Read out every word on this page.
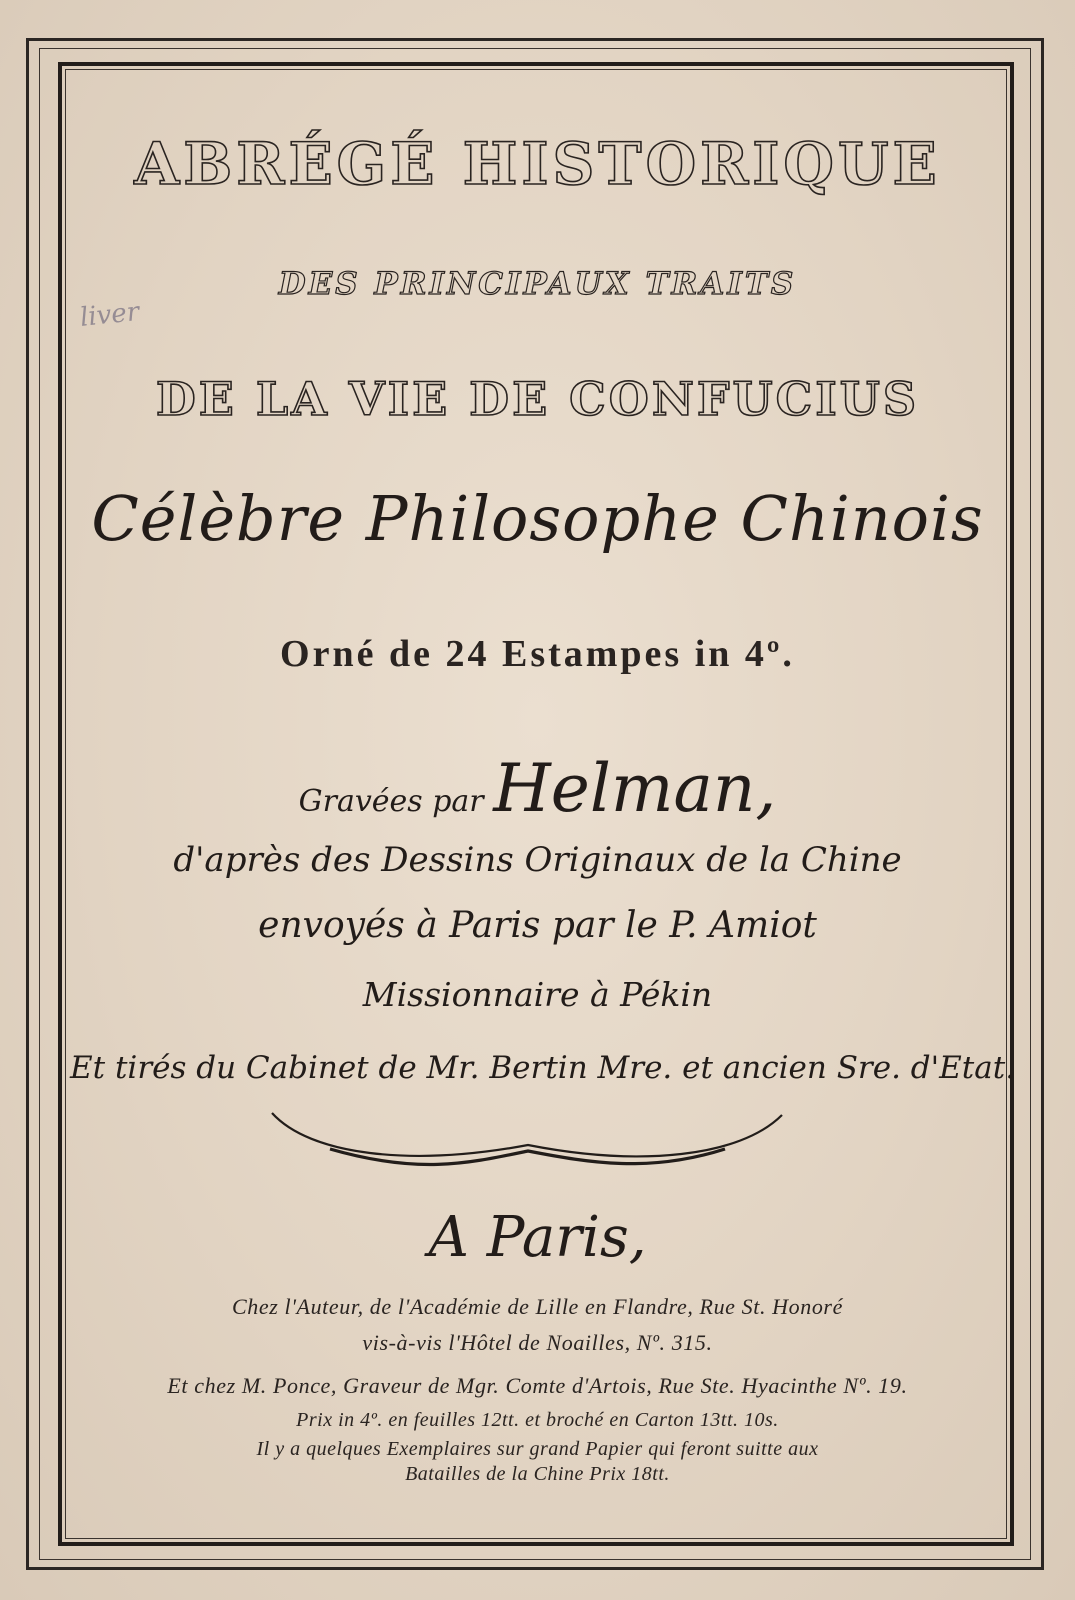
liver
ABRÉGÉ HISTORIQUE
DES PRINCIPAUX TRAITS
DE LA VIE DE CONFUCIUS
Célèbre Philosophe Chinois
Orné de 24 Estampes in 4º.
Gravées par Helman,
d'après des Dessins Originaux de la Chine
envoyés à Paris par le P. Amiot
Missionnaire à Pékin
Et tirés du Cabinet de Mr. Bertin Mre. et ancien Sre. d'Etat.
A Paris,
Chez l'Auteur, de l'Académie de Lille en Flandre, Rue St. Honoré
vis-à-vis l'Hôtel de Noailles, Nº. 315.
Et chez M. Ponce, Graveur de Mgr. Comte d'Artois, Rue Ste. Hyacinthe Nº. 19.
Prix in 4º. en feuilles 12tt. et broché en Carton 13tt. 10s.
Il y a quelques Exemplaires sur grand Papier qui feront suitte aux
Batailles de la Chine Prix 18tt.
